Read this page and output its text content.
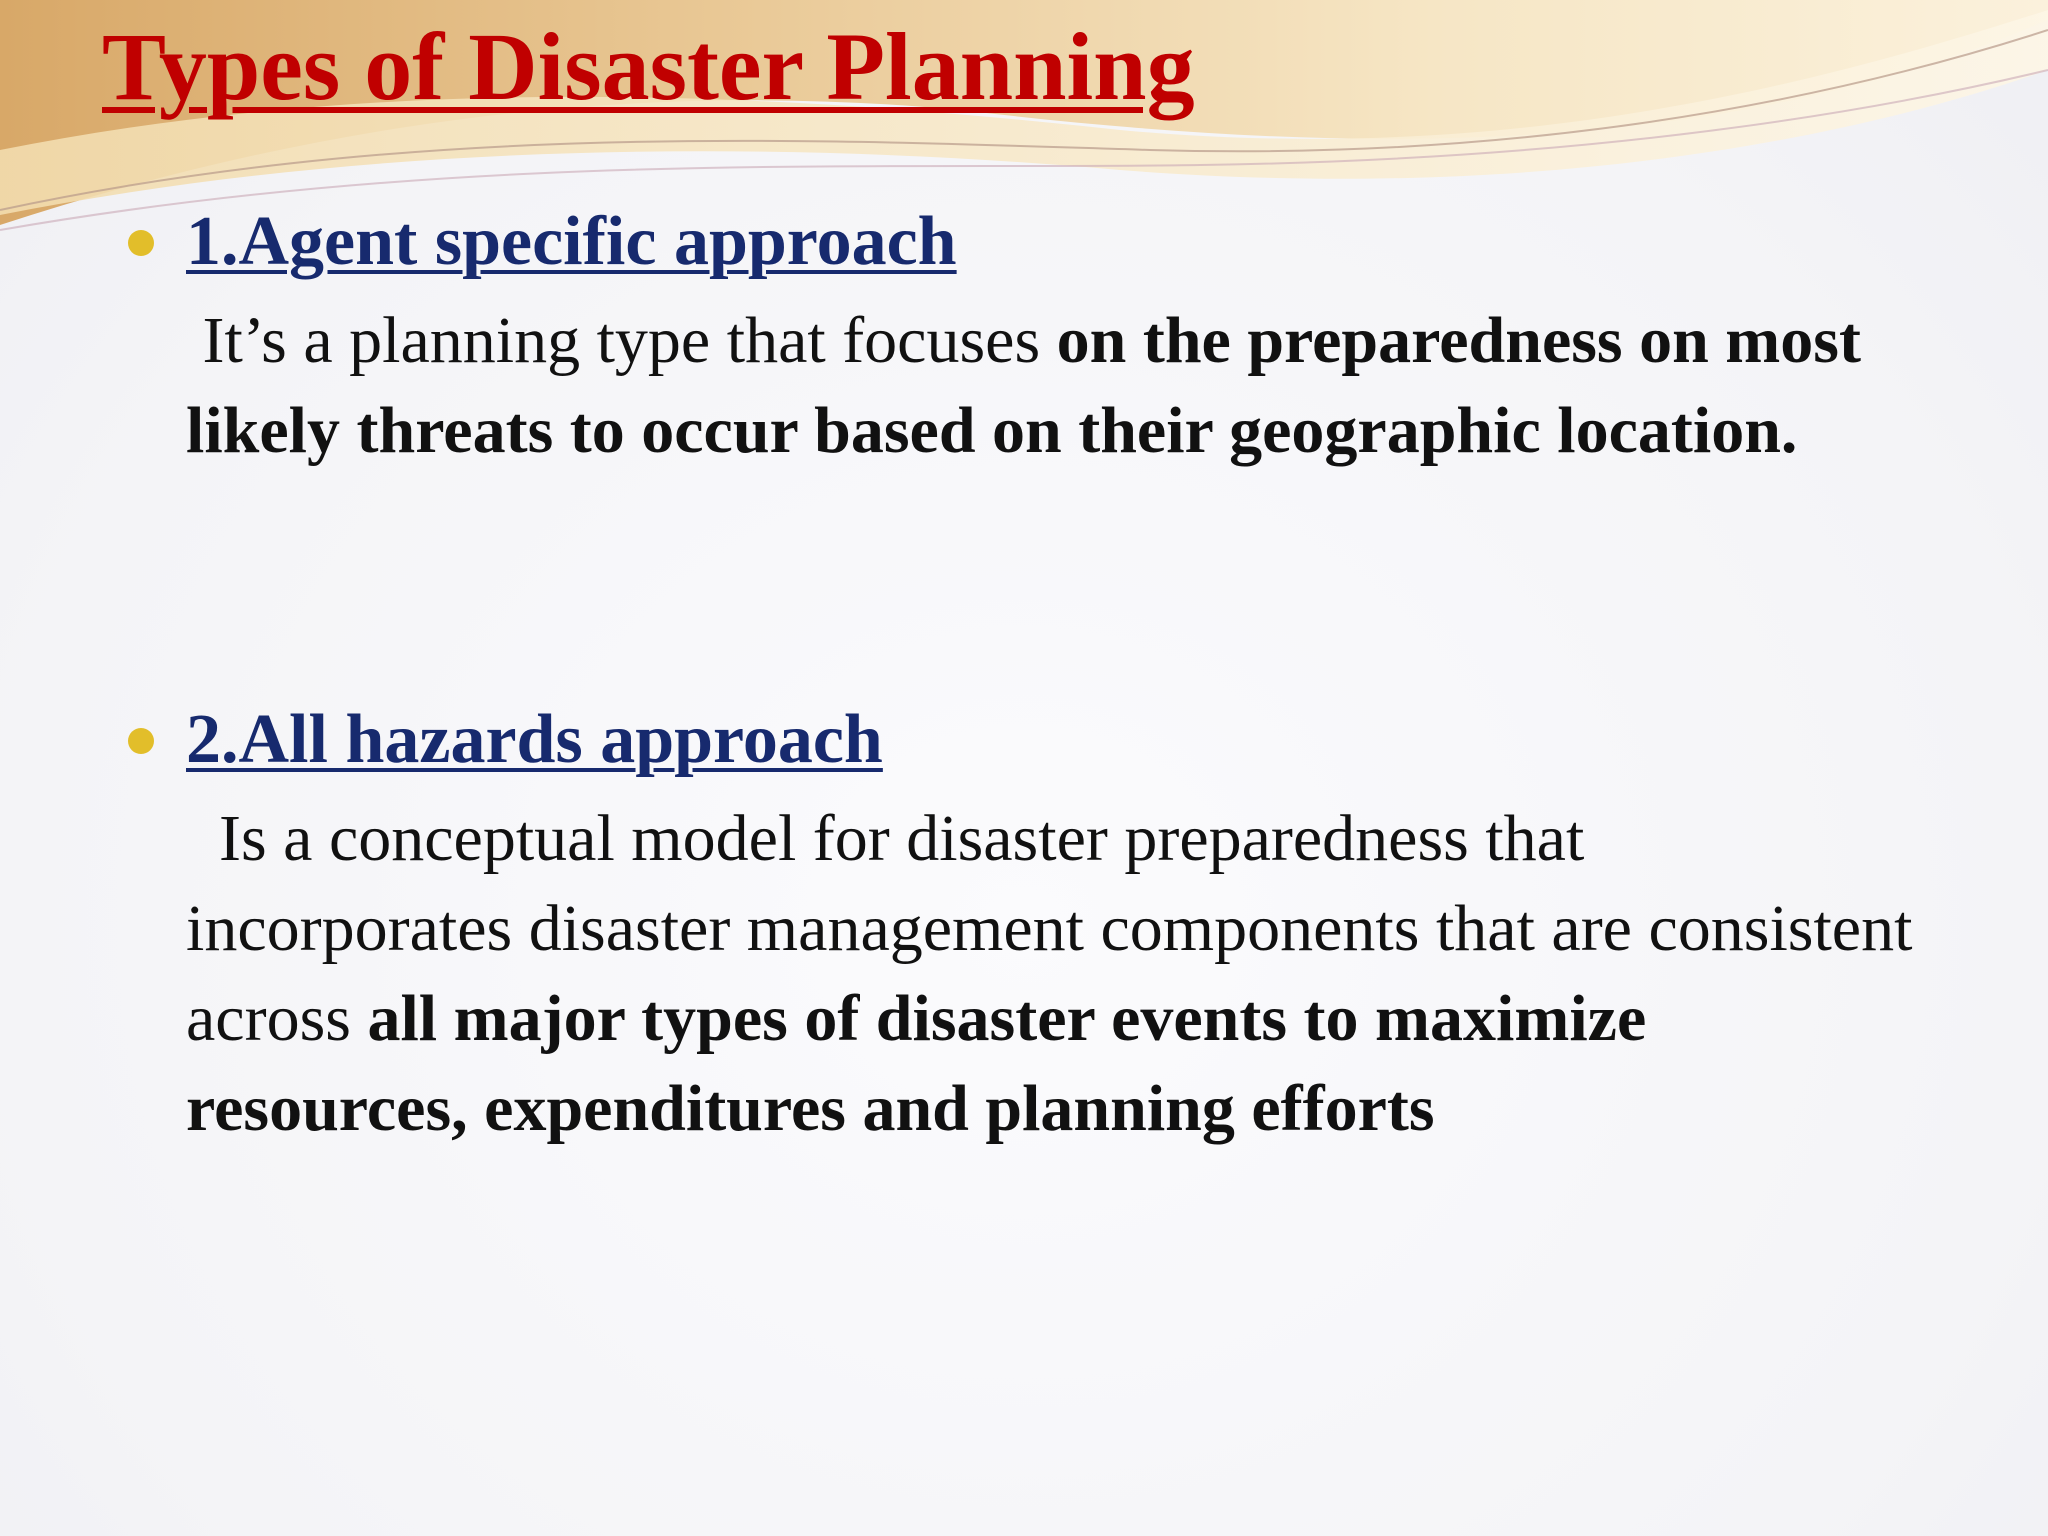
Types of Disaster Planning

1.Agent specific approach

It’s a planning type that focuses on the preparedness on most likely threats to occur based on their geographic location.

2.All hazards approach

Is a conceptual model for disaster preparedness that incorporates disaster management components that are consistent across all major types of disaster events to maximize resources, expenditures and planning efforts
